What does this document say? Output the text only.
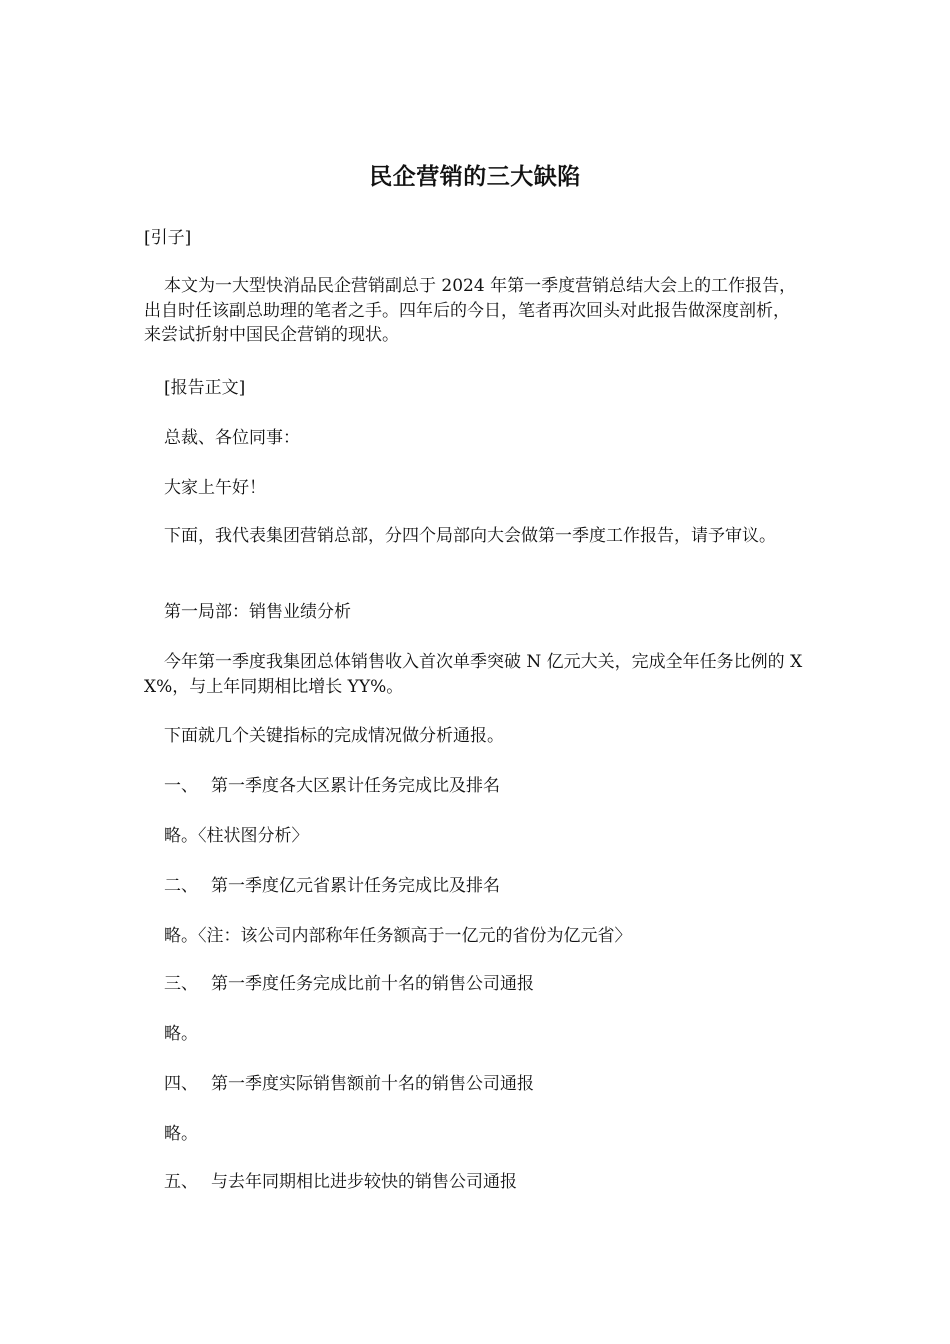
民企营销的三大缺陷

[引子]

本文为一大型快消品民企营销副总于 2024 年第一季度营销总结大会上的工作报告，出自时任该副总助理的笔者之手。四年后的今日，笔者再次回头对此报告做深度剖析，来尝试折射中国民企营销的现状。

[报告正文]

总裁、各位同事：

大家上午好！

下面，我代表集团营销总部，分四个局部向大会做第一季度工作报告，请予审议。

第一局部：销售业绩分析

今年第一季度我集团总体销售收入首次单季突破 N 亿元大关，完成全年任务比例的 XX%，与上年同期相比增长 YY%。

下面就几个关键指标的完成情况做分析通报。

一、 第一季度各大区累计任务完成比及排名
略。〈柱状图分析〉
二、 第一季度亿元省累计任务完成比及排名
略。〈注：该公司内部称年任务额高于一亿元的省份为亿元省〉
三、 第一季度任务完成比前十名的销售公司通报
略。
四、 第一季度实际销售额前十名的销售公司通报
略。
五、 与去年同期相比进步较快的销售公司通报
